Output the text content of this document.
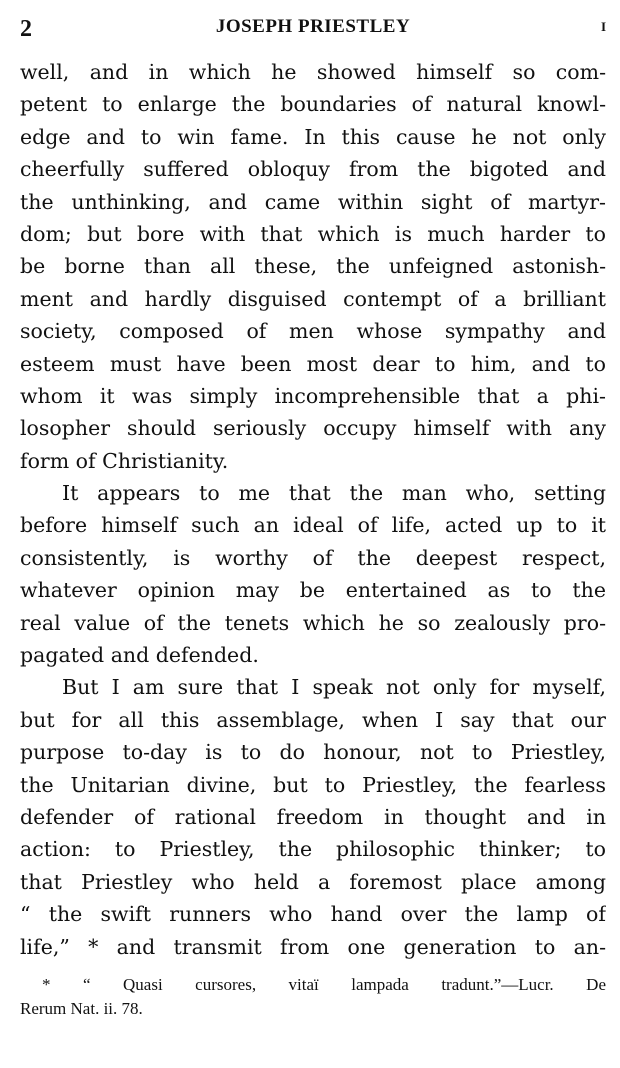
2	JOSEPH PRIESTLEY	I
well, and in which he showed himself so com-
petent to enlarge the boundaries of natural knowl-
edge and to win fame. In this cause he not only
cheerfully suffered obloquy from the bigoted and
the unthinking, and came within sight of martyr-
dom; but bore with that which is much harder to
be borne than all these, the unfeigned astonish-
ment and hardly disguised contempt of a brilliant
society, composed of men whose sympathy and
esteem must have been most dear to him, and to
whom it was simply incomprehensible that a phi-
losopher should seriously occupy himself with any
form of Christianity.
It appears to me that the man who, setting
before himself such an ideal of life, acted up to it
consistently, is worthy of the deepest respect,
whatever opinion may be entertained as to the
real value of the tenets which he so zealously pro-
pagated and defended.
But I am sure that I speak not only for myself,
but for all this assemblage, when I say that our
purpose to-day is to do honour, not to Priestley,
the Unitarian divine, but to Priestley, the fearless
defender of rational freedom in thought and in
action: to Priestley, the philosophic thinker; to
that Priestley who held a foremost place among
“ the swift runners who hand over the lamp of
life,” * and transmit from one generation to an-
* “ Quasi cursores, vitaï lampada tradunt.”—Lucr. De
Rerum Nat. ii. 78.
